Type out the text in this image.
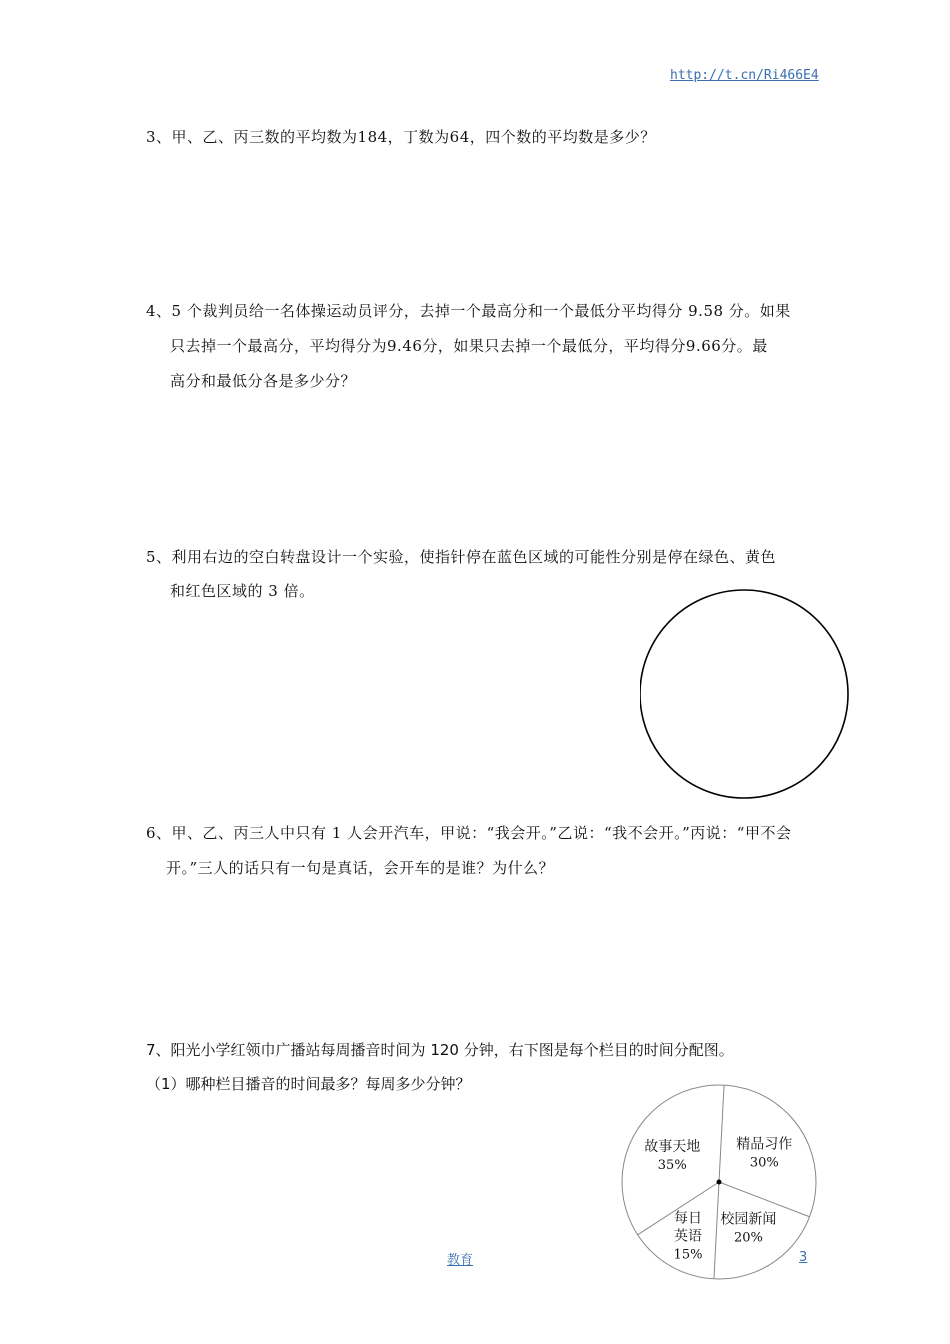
http://t.cn/Ri466E4
3、甲、乙、丙三数的平均数为184，丁数为64，四个数的平均数是多少？
4、5 个裁判员给一名体操运动员评分，去掉一个最高分和一个最低分平均得分 9.58 分。如果
只去掉一个最高分，平均得分为9.46分，如果只去掉一个最低分，平均得分9.66分。最
高分和最低分各是多少分？
5、利用右边的空白转盘设计一个实验，使指针停在蓝色区域的可能性分别是停在绿色、黄色
和红色区域的 3 倍。
6、甲、乙、丙三人中只有 1 人会开汽车，甲说：“我会开。”乙说：“我不会开。”丙说：“甲不会
开。”三人的话只有一句是真话，会开车的是谁？为什么？
7、阳光小学红领巾广播站每周播音时间为 120 分钟，右下图是每个栏目的时间分配图。
（1）哪种栏目播音的时间最多？每周多少分钟？
精品习作
30%
校园新闻
20%
每日
英语
15%
故事天地
35%
教育	3
